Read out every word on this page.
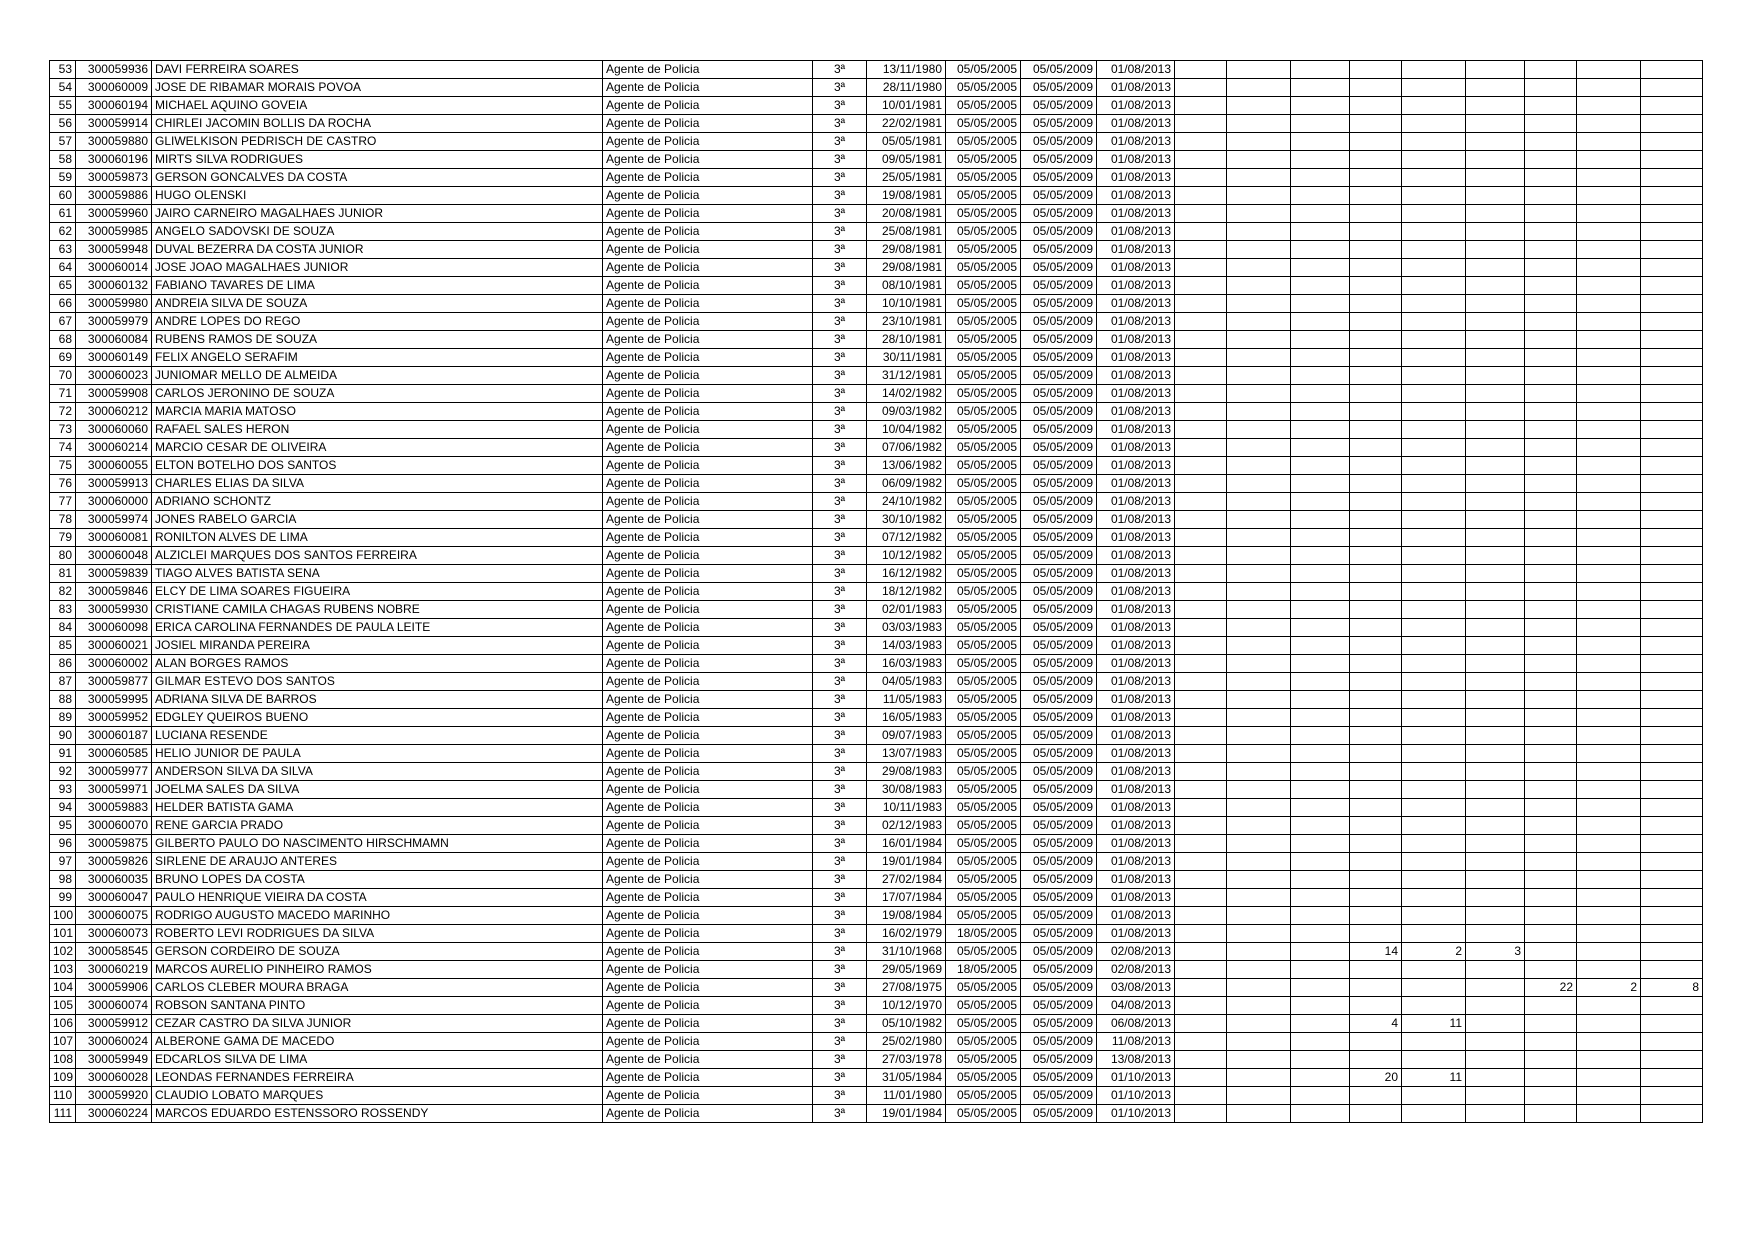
53	300059936	DAVI FERREIRA SOARES	Agente de Policia	3ª	13/11/1980	05/05/2005	05/05/2009	01/08/2013									
54	300060009	JOSE DE RIBAMAR MORAIS POVOA	Agente de Policia	3ª	28/11/1980	05/05/2005	05/05/2009	01/08/2013									
55	300060194	MICHAEL AQUINO GOVEIA	Agente de Policia	3ª	10/01/1981	05/05/2005	05/05/2009	01/08/2013									
56	300059914	CHIRLEI JACOMIN BOLLIS DA ROCHA	Agente de Policia	3ª	22/02/1981	05/05/2005	05/05/2009	01/08/2013									
57	300059880	GLIWELKISON PEDRISCH DE CASTRO	Agente de Policia	3ª	05/05/1981	05/05/2005	05/05/2009	01/08/2013									
58	300060196	MIRTS SILVA RODRIGUES	Agente de Policia	3ª	09/05/1981	05/05/2005	05/05/2009	01/08/2013									
59	300059873	GERSON GONCALVES DA COSTA	Agente de Policia	3ª	25/05/1981	05/05/2005	05/05/2009	01/08/2013									
60	300059886	HUGO OLENSKI	Agente de Policia	3ª	19/08/1981	05/05/2005	05/05/2009	01/08/2013									
61	300059960	JAIRO CARNEIRO MAGALHAES JUNIOR	Agente de Policia	3ª	20/08/1981	05/05/2005	05/05/2009	01/08/2013									
62	300059985	ANGELO SADOVSKI DE SOUZA	Agente de Policia	3ª	25/08/1981	05/05/2005	05/05/2009	01/08/2013									
63	300059948	DUVAL BEZERRA DA COSTA JUNIOR	Agente de Policia	3ª	29/08/1981	05/05/2005	05/05/2009	01/08/2013									
64	300060014	JOSE JOAO MAGALHAES JUNIOR	Agente de Policia	3ª	29/08/1981	05/05/2005	05/05/2009	01/08/2013									
65	300060132	FABIANO TAVARES DE LIMA	Agente de Policia	3ª	08/10/1981	05/05/2005	05/05/2009	01/08/2013									
66	300059980	ANDREIA SILVA DE SOUZA	Agente de Policia	3ª	10/10/1981	05/05/2005	05/05/2009	01/08/2013									
67	300059979	ANDRE LOPES DO REGO	Agente de Policia	3ª	23/10/1981	05/05/2005	05/05/2009	01/08/2013									
68	300060084	RUBENS RAMOS DE SOUZA	Agente de Policia	3ª	28/10/1981	05/05/2005	05/05/2009	01/08/2013									
69	300060149	FELIX ANGELO SERAFIM	Agente de Policia	3ª	30/11/1981	05/05/2005	05/05/2009	01/08/2013									
70	300060023	JUNIOMAR MELLO DE ALMEIDA	Agente de Policia	3ª	31/12/1981	05/05/2005	05/05/2009	01/08/2013									
71	300059908	CARLOS JERONINO DE SOUZA	Agente de Policia	3ª	14/02/1982	05/05/2005	05/05/2009	01/08/2013									
72	300060212	MARCIA MARIA MATOSO	Agente de Policia	3ª	09/03/1982	05/05/2005	05/05/2009	01/08/2013									
73	300060060	RAFAEL SALES HERON	Agente de Policia	3ª	10/04/1982	05/05/2005	05/05/2009	01/08/2013									
74	300060214	MARCIO CESAR DE OLIVEIRA	Agente de Policia	3ª	07/06/1982	05/05/2005	05/05/2009	01/08/2013									
75	300060055	ELTON BOTELHO DOS SANTOS	Agente de Policia	3ª	13/06/1982	05/05/2005	05/05/2009	01/08/2013									
76	300059913	CHARLES ELIAS DA SILVA	Agente de Policia	3ª	06/09/1982	05/05/2005	05/05/2009	01/08/2013									
77	300060000	ADRIANO SCHONTZ	Agente de Policia	3ª	24/10/1982	05/05/2005	05/05/2009	01/08/2013									
78	300059974	JONES RABELO GARCIA	Agente de Policia	3ª	30/10/1982	05/05/2005	05/05/2009	01/08/2013									
79	300060081	RONILTON ALVES DE LIMA	Agente de Policia	3ª	07/12/1982	05/05/2005	05/05/2009	01/08/2013									
80	300060048	ALZICLEI MARQUES DOS SANTOS FERREIRA	Agente de Policia	3ª	10/12/1982	05/05/2005	05/05/2009	01/08/2013									
81	300059839	TIAGO ALVES BATISTA SENA	Agente de Policia	3ª	16/12/1982	05/05/2005	05/05/2009	01/08/2013									
82	300059846	ELCY DE LIMA SOARES FIGUEIRA	Agente de Policia	3ª	18/12/1982	05/05/2005	05/05/2009	01/08/2013									
83	300059930	CRISTIANE CAMILA CHAGAS RUBENS NOBRE	Agente de Policia	3ª	02/01/1983	05/05/2005	05/05/2009	01/08/2013									
84	300060098	ERICA CAROLINA FERNANDES DE PAULA LEITE	Agente de Policia	3ª	03/03/1983	05/05/2005	05/05/2009	01/08/2013									
85	300060021	JOSIEL MIRANDA PEREIRA	Agente de Policia	3ª	14/03/1983	05/05/2005	05/05/2009	01/08/2013									
86	300060002	ALAN BORGES RAMOS	Agente de Policia	3ª	16/03/1983	05/05/2005	05/05/2009	01/08/2013									
87	300059877	GILMAR ESTEVO DOS SANTOS	Agente de Policia	3ª	04/05/1983	05/05/2005	05/05/2009	01/08/2013									
88	300059995	ADRIANA SILVA DE BARROS	Agente de Policia	3ª	11/05/1983	05/05/2005	05/05/2009	01/08/2013									
89	300059952	EDGLEY QUEIROS BUENO	Agente de Policia	3ª	16/05/1983	05/05/2005	05/05/2009	01/08/2013									
90	300060187	LUCIANA RESENDE	Agente de Policia	3ª	09/07/1983	05/05/2005	05/05/2009	01/08/2013									
91	300060585	HELIO JUNIOR DE PAULA	Agente de Policia	3ª	13/07/1983	05/05/2005	05/05/2009	01/08/2013									
92	300059977	ANDERSON SILVA DA SILVA	Agente de Policia	3ª	29/08/1983	05/05/2005	05/05/2009	01/08/2013									
93	300059971	JOELMA SALES DA SILVA	Agente de Policia	3ª	30/08/1983	05/05/2005	05/05/2009	01/08/2013									
94	300059883	HELDER BATISTA GAMA	Agente de Policia	3ª	10/11/1983	05/05/2005	05/05/2009	01/08/2013									
95	300060070	RENE GARCIA PRADO	Agente de Policia	3ª	02/12/1983	05/05/2005	05/05/2009	01/08/2013									
96	300059875	GILBERTO PAULO DO NASCIMENTO HIRSCHMAMN	Agente de Policia	3ª	16/01/1984	05/05/2005	05/05/2009	01/08/2013									
97	300059826	SIRLENE DE ARAUJO ANTERES	Agente de Policia	3ª	19/01/1984	05/05/2005	05/05/2009	01/08/2013									
98	300060035	BRUNO LOPES DA COSTA	Agente de Policia	3ª	27/02/1984	05/05/2005	05/05/2009	01/08/2013									
99	300060047	PAULO HENRIQUE VIEIRA DA COSTA	Agente de Policia	3ª	17/07/1984	05/05/2005	05/05/2009	01/08/2013									
100	300060075	RODRIGO AUGUSTO MACEDO MARINHO	Agente de Policia	3ª	19/08/1984	05/05/2005	05/05/2009	01/08/2013									
101	300060073	ROBERTO LEVI RODRIGUES DA SILVA	Agente de Policia	3ª	16/02/1979	18/05/2005	05/05/2009	01/08/2013									
102	300058545	GERSON CORDEIRO DE SOUZA	Agente de Policia	3ª	31/10/1968	05/05/2005	05/05/2009	02/08/2013				14	2	3			
103	300060219	MARCOS AURELIO PINHEIRO RAMOS	Agente de Policia	3ª	29/05/1969	18/05/2005	05/05/2009	02/08/2013									
104	300059906	CARLOS CLEBER MOURA BRAGA	Agente de Policia	3ª	27/08/1975	05/05/2005	05/05/2009	03/08/2013							22	2	8
105	300060074	ROBSON SANTANA PINTO	Agente de Policia	3ª	10/12/1970	05/05/2005	05/05/2009	04/08/2013									
106	300059912	CEZAR CASTRO DA SILVA JUNIOR	Agente de Policia	3ª	05/10/1982	05/05/2005	05/05/2009	06/08/2013				4	11				
107	300060024	ALBERONE GAMA DE MACEDO	Agente de Policia	3ª	25/02/1980	05/05/2005	05/05/2009	11/08/2013									
108	300059949	EDCARLOS SILVA DE LIMA	Agente de Policia	3ª	27/03/1978	05/05/2005	05/05/2009	13/08/2013									
109	300060028	LEONDAS FERNANDES FERREIRA	Agente de Policia	3ª	31/05/1984	05/05/2005	05/05/2009	01/10/2013				20	11				
110	300059920	CLAUDIO LOBATO MARQUES	Agente de Policia	3ª	11/01/1980	05/05/2005	05/05/2009	01/10/2013									
111	300060224	MARCOS EDUARDO ESTENSSORO ROSSENDY	Agente de Policia	3ª	19/01/1984	05/05/2005	05/05/2009	01/10/2013									
